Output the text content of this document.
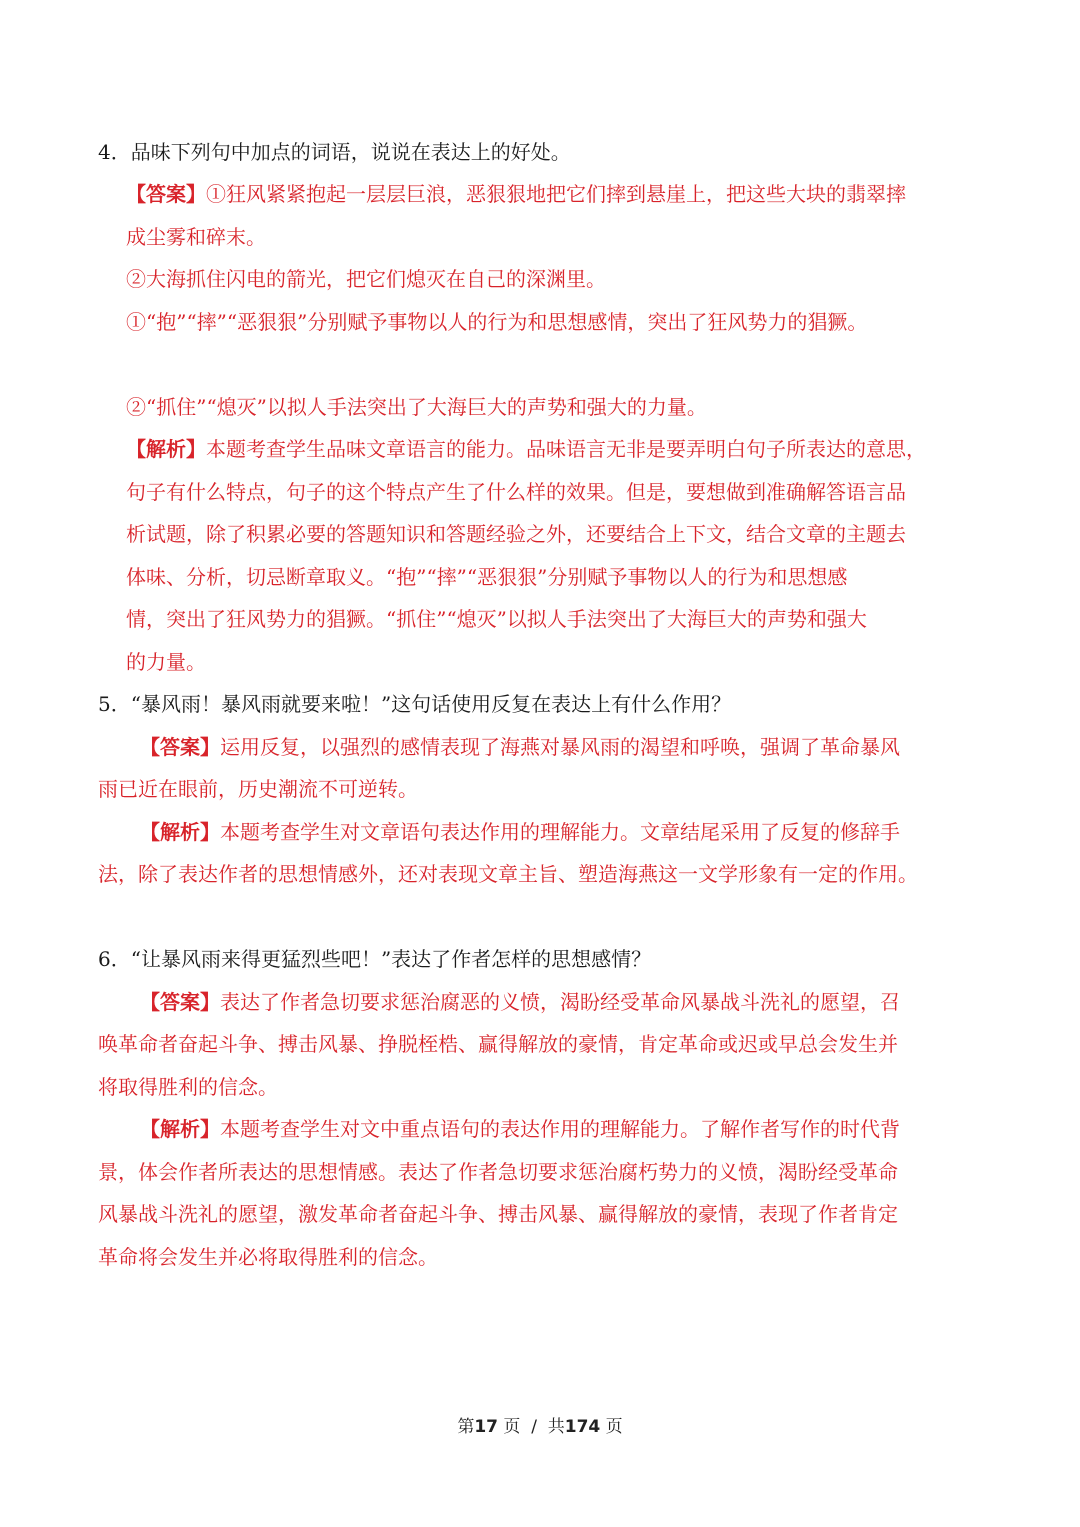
4．品味下列句中加点的词语，说说在表达上的好处。
【答案】①狂风紧紧抱起一层层巨浪，恶狠狠地把它们摔到悬崖上，把这些大块的翡翠摔
成尘雾和碎末。
②大海抓住闪电的箭光，把它们熄灭在自己的深渊里。
①“抱”“摔”“恶狠狠”分别赋予事物以人的行为和思想感情，突出了狂风势力的猖獗。
②“抓住”“熄灭”以拟人手法突出了大海巨大的声势和强大的力量。
【解析】本题考查学生品味文章语言的能力。品味语言无非是要弄明白句子所表达的意思，
句子有什么特点，句子的这个特点产生了什么样的效果。但是，要想做到准确解答语言品
析试题，除了积累必要的答题知识和答题经验之外，还要结合上下文，结合文章的主题去
体味、分析，切忌断章取义。“抱”“摔”“恶狠狠”分别赋予事物以人的行为和思想感
情，突出了狂风势力的猖獗。“抓住”“熄灭”以拟人手法突出了大海巨大的声势和强大
的力量。
5．“暴风雨！暴风雨就要来啦！”这句话使用反复在表达上有什么作用？
【答案】运用反复，以强烈的感情表现了海燕对暴风雨的渴望和呼唤，强调了革命暴风
雨已近在眼前，历史潮流不可逆转。
【解析】本题考查学生对文章语句表达作用的理解能力。文章结尾采用了反复的修辞手
法，除了表达作者的思想情感外，还对表现文章主旨、塑造海燕这一文学形象有一定的作用。
6．“让暴风雨来得更猛烈些吧！”表达了作者怎样的思想感情？
【答案】表达了作者急切要求惩治腐恶的义愤，渴盼经受革命风暴战斗洗礼的愿望，召
唤革命者奋起斗争、搏击风暴、挣脱桎梏、赢得解放的豪情，肯定革命或迟或早总会发生并
将取得胜利的信念。
【解析】本题考查学生对文中重点语句的表达作用的理解能力。了解作者写作的时代背
景，体会作者所表达的思想情感。表达了作者急切要求惩治腐朽势力的义愤，渴盼经受革命
风暴战斗洗礼的愿望，激发革命者奋起斗争、搏击风暴、赢得解放的豪情，表现了作者肯定
革命将会发生并必将取得胜利的信念。
第17 页 / 共174 页
